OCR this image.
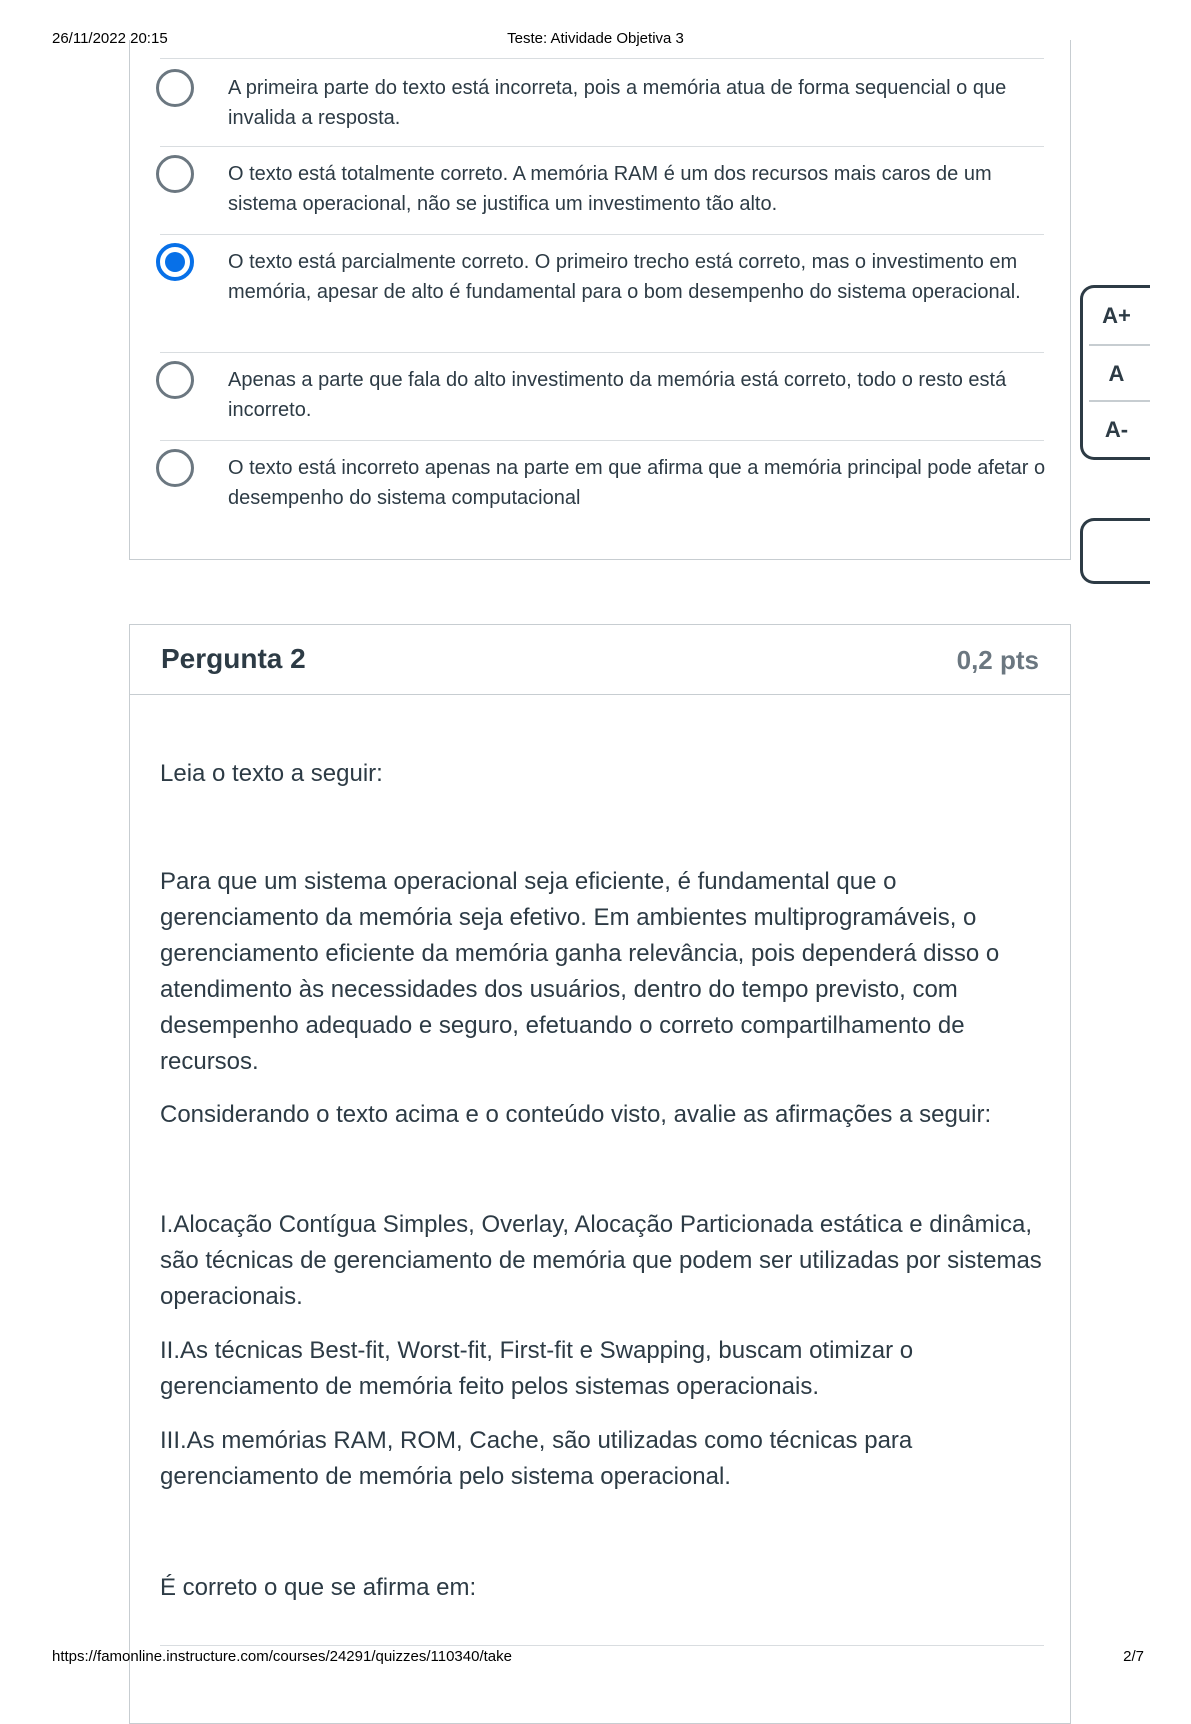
26/11/2022 20:15	Teste: Atividade Objetiva 3
A primeira parte do texto está incorreta, pois a memória atua de forma sequencial o que invalida a resposta.
O texto está totalmente correto. A memória RAM é um dos recursos mais caros de um sistema operacional, não se justifica um investimento tão alto.
O texto está parcialmente correto. O primeiro trecho está correto, mas o investimento em memória, apesar de alto é fundamental para o bom desempenho do sistema operacional.
Apenas a parte que fala do alto investimento da memória está correto, todo o resto está incorreto.
O texto está incorreto apenas na parte em que afirma que a memória principal pode afetar o desempenho do sistema computacional
A+
A
A-
Pergunta 2	0,2 pts
Leia o texto a seguir:
Para que um sistema operacional seja eficiente, é fundamental que o gerenciamento da memória seja efetivo. Em ambientes multiprogramáveis, o gerenciamento eficiente da memória ganha relevância, pois dependerá disso o atendimento às necessidades dos usuários, dentro do tempo previsto, com desempenho adequado e seguro, efetuando o correto compartilhamento de recursos.
Considerando o texto acima e o conteúdo visto, avalie as afirmações a seguir:
I.Alocação Contígua Simples, Overlay, Alocação Particionada estática e dinâmica, são técnicas de gerenciamento de memória que podem ser utilizadas por sistemas operacionais.
II.As técnicas Best-fit, Worst-fit, First-fit e Swapping, buscam otimizar o gerenciamento de memória feito pelos sistemas operacionais.
III.As memórias RAM, ROM, Cache, são utilizadas como técnicas para gerenciamento de memória pelo sistema operacional.
É correto o que se afirma em:
https://famonline.instructure.com/courses/24291/quizzes/110340/take	2/7
